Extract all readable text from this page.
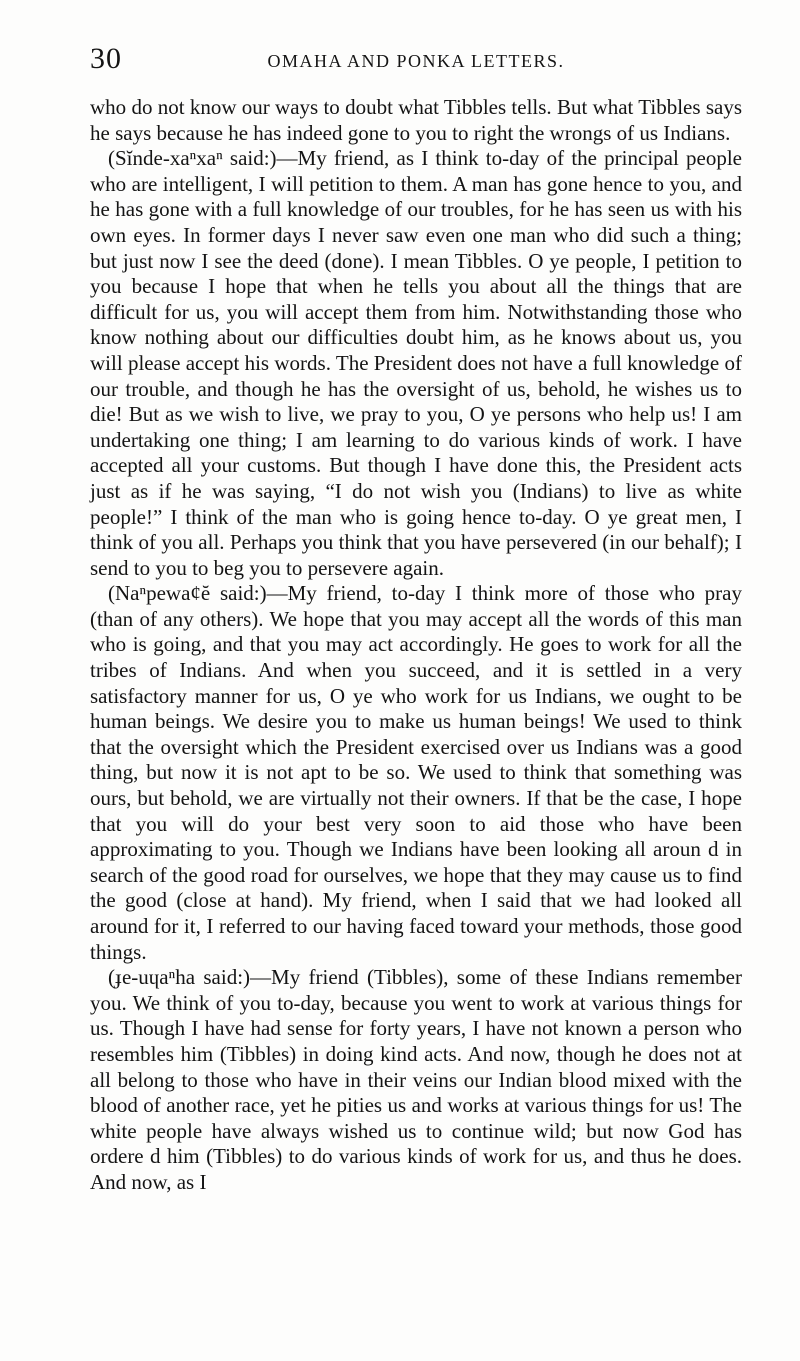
30	OMAHA AND PONKA LETTERS.

who do not know our ways to doubt what Tibbles tells. But what Tibbles says he says because he has indeed gone to you to right the wrongs of us Indians.

(Sĭnde-xaⁿxaⁿ said:)—My friend, as I think to-day of the principal people who are intelligent, I will petition to them. A man has gone hence to you, and he has gone with a full knowledge of our troubles, for he has seen us with his own eyes. In former days I never saw even one man who did such a thing; but just now I see the deed (done). I mean Tibbles. O ye people, I petition to you because I hope that when he tells you about all the things that are difficult for us, you will accept them from him. Notwithstanding those who know nothing about our difficulties doubt him, as he knows about us, you will please accept his words. The President does not have a full knowledge of our trouble, and though he has the oversight of us, behold, he wishes us to die! But as we wish to live, we pray to you, O ye persons who help us! I am undertaking one thing; I am learning to do various kinds of work. I have accepted all your customs. But though I have done this, the President acts just as if he was saying, “I do not wish you (Indians) to live as white people!” I think of the man who is going hence to-day. O ye great men, I think of you all. Perhaps you think that you have persevered (in our behalf); I send to you to beg you to persevere again.

(Naⁿpewaȼĕ said:)—My friend, to-day I think more of those who pray (than of any others). We hope that you may accept all the words of this man who is going, and that you may act accordingly. He goes to work for all the tribes of Indians. And when you succeed, and it is settled in a very satisfactory manner for us, O ye who work for us Indians, we ought to be human beings. We desire you to make us human beings! We used to think that the oversight which the President exercised over us Indians was a good thing, but now it is not apt to be so. We used to think that something was ours, but behold, we are virtually not their owners. If that be the case, I hope that you will do your best very soon to aid those who have been approximating to you. Though we Indians have been looking all aroun d in search of the good road for ourselves, we hope that they may cause us to find the good (close at hand). My friend, when I said that we had looked all around for it, I referred to our having faced toward your methods, those good things.

(ɟe-uɥaⁿha said:)—My friend (Tibbles), some of these Indians remember you. We think of you to-day, because you went to work at various things for us. Though I have had sense for forty years, I have not known a person who resembles him (Tibbles) in doing kind acts. And now, though he does not at all belong to those who have in their veins our Indian blood mixed with the blood of another race, yet he pities us and works at various things for us! The white people have always wished us to continue wild; but now God has ordere d him (Tibbles) to do various kinds of work for us, and thus he does. And now, as I
